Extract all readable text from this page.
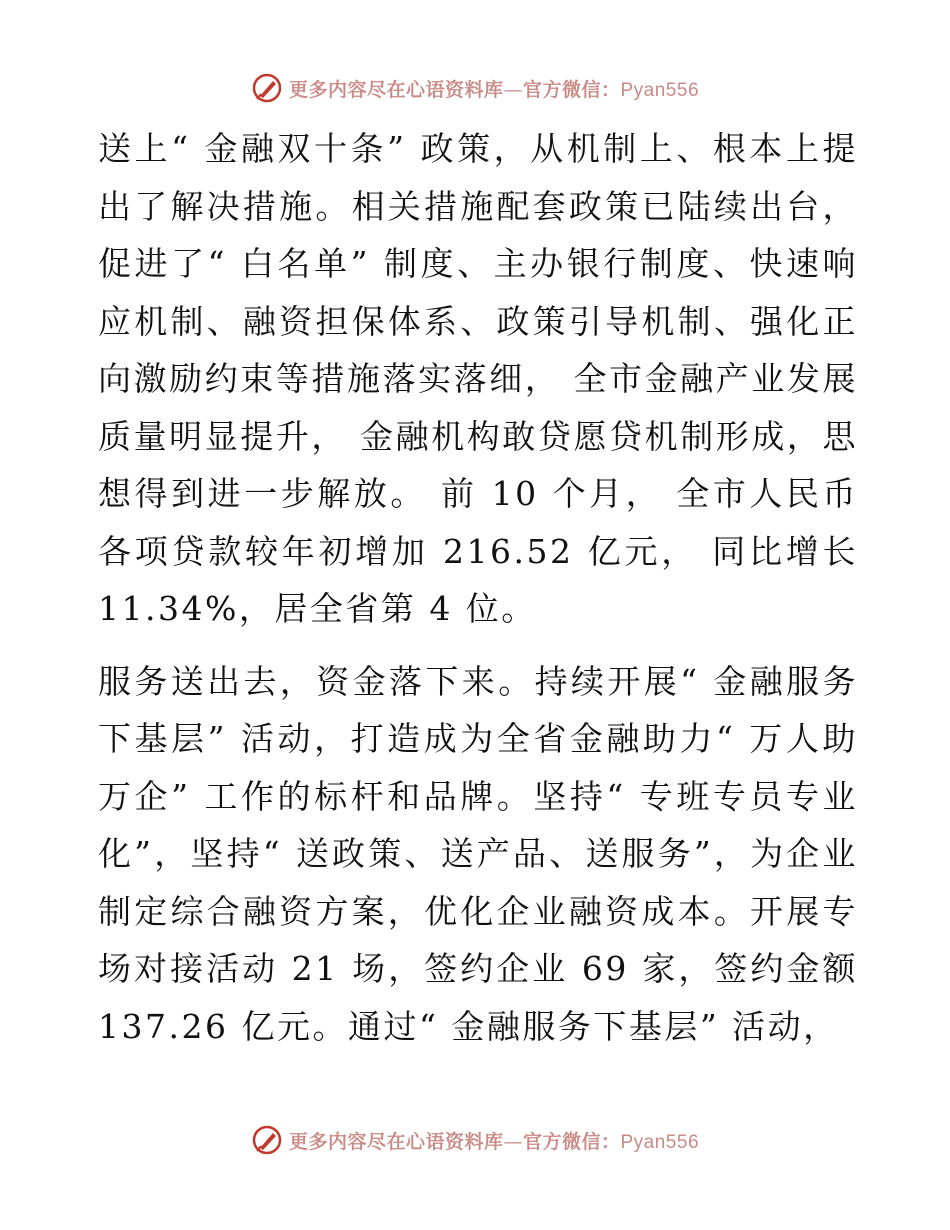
更多内容尽在心语资料库—官方微信：Pyan556

送上“ 金融双十条” 政策，从机制上、根本上提出了解决措施。相关措施配套政策已陆续出台，促进了“ 白名单” 制度、主办银行制度、快速响应机制、融资担保体系、政策引导机制、强化正向激励约束等措施落实落细， 全市金融产业发展质量明显提升， 金融机构敢贷愿贷机制形成，思想得到进一步解放。 前 10 个月， 全市人民币各项贷款较年初增加 216.52 亿元， 同比增长 11.34%，居全省第 4 位。

服务送出去，资金落下来。持续开展“ 金融服务下基层” 活动，打造成为全省金融助力“ 万人助万企” 工作的标杆和品牌。坚持“ 专班专员专业化”，坚持“ 送政策、送产品、送服务”，为企业制定综合融资方案，优化企业融资成本。开展专场对接活动 21 场，签约企业 69 家，签约金额 137.26 亿元。通过“ 金融服务下基层” 活动，

更多内容尽在心语资料库—官方微信：Pyan556
